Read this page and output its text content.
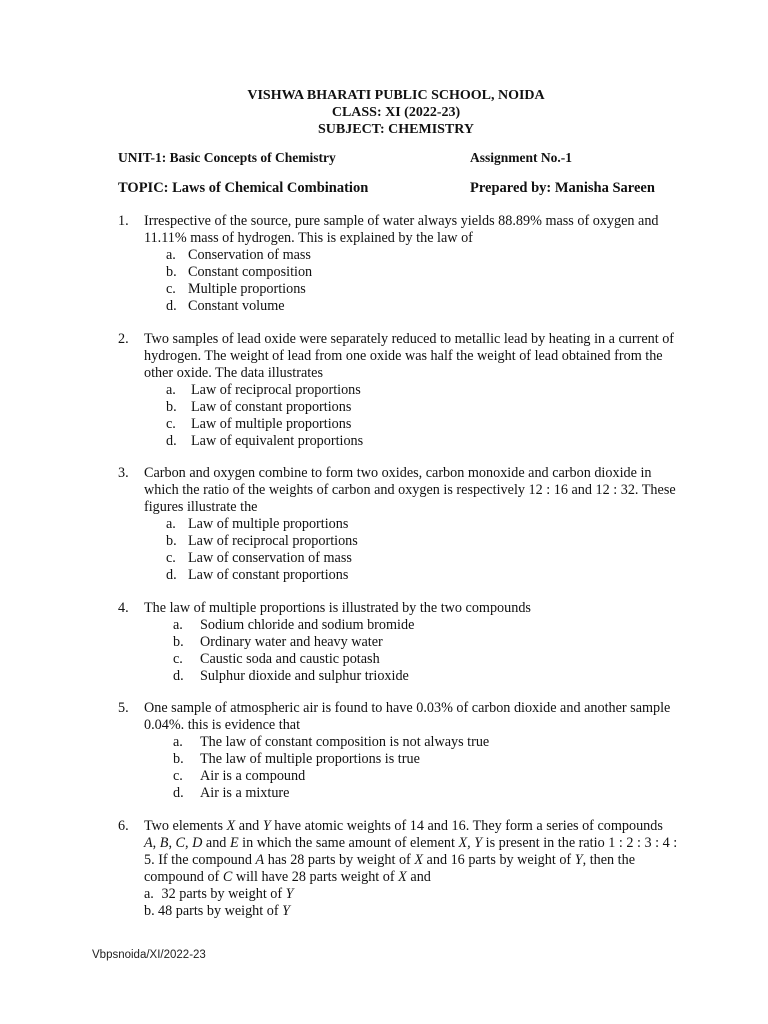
VISHWA BHARATI PUBLIC SCHOOL, NOIDA
CLASS: XI (2022-23)
SUBJECT: CHEMISTRY
UNIT-1: Basic Concepts of Chemistry	Assignment No.-1
TOPIC: Laws of Chemical Combination	Prepared by: Manisha Sareen
1. Irrespective of the source, pure sample of water always yields 88.89% mass of oxygen and 11.11% mass of hydrogen. This is explained by the law of
a. Conservation of mass
b. Constant composition
c. Multiple proportions
d. Constant volume
2. Two samples of lead oxide were separately reduced to metallic lead by heating in a current of hydrogen. The weight of lead from one oxide was half the weight of lead obtained from the other oxide. The data illustrates
a. Law of reciprocal proportions
b. Law of constant proportions
c. Law of multiple proportions
d. Law of equivalent proportions
3. Carbon and oxygen combine to form two oxides, carbon monoxide and carbon dioxide in which the ratio of the weights of carbon and oxygen is respectively 12 : 16 and 12 : 32. These figures illustrate the
a. Law of multiple proportions
b. Law of reciprocal proportions
c. Law of conservation of mass
d. Law of constant proportions
4. The law of multiple proportions is illustrated by the two compounds
a. Sodium chloride and sodium bromide
b. Ordinary water and heavy water
c. Caustic soda and caustic potash
d. Sulphur dioxide and sulphur trioxide
5. One sample of atmospheric air is found to have 0.03% of carbon dioxide and another sample 0.04%. this is evidence that
a. The law of constant composition is not always true
b. The law of multiple proportions is true
c. Air is a compound
d. Air is a mixture
6. Two elements X and Y have atomic weights of 14 and 16. They form a series of compounds A, B, C, D and E in which the same amount of element X, Y is present in the ratio 1 : 2 : 3 : 4 : 5. If the compound A has 28 parts by weight of X and 16 parts by weight of Y, then the compound of C will have 28 parts weight of X and
a. 32 parts by weight of Y
b. 48 parts by weight of Y
Vbpsnoida/XI/2022-23
